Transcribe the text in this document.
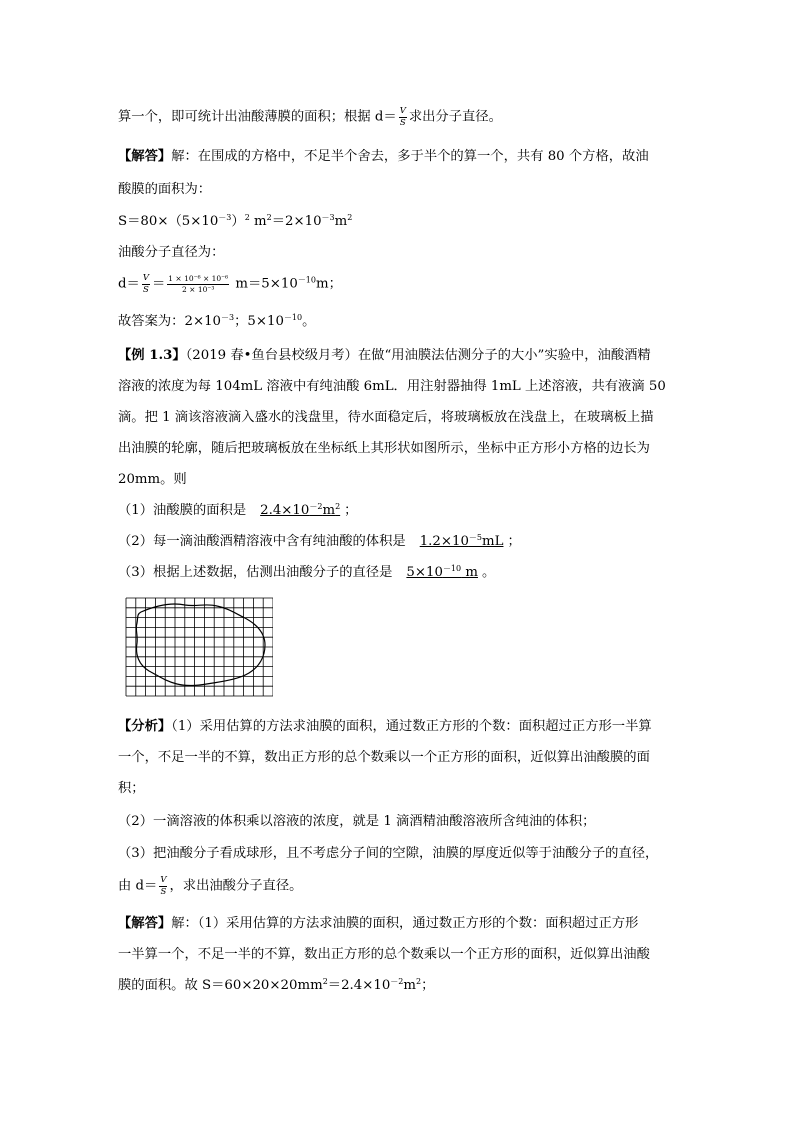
算一个，即可统计出油酸薄膜的面积；根据 $d= \frac{V}{S}$ 求出分子直径。
【解答】解：在围成的方格中，不足半个舍去，多于半个的算一个，共有 80 个方格，故油
酸膜的面积为：
$S=80\times(5\times 10^{-3})^2$ $m^2=2\times 10^{-3}m^2$
油酸分子直径为：
$d= \frac{V}{S} = \frac{\text{1 × 10⁻⁶ × 10⁻⁶}}{\text{2 × 10⁻³}} m=5\times 10^{-10}m$；
故答案为：$2\times 10^{-3}$；$5\times 10^{-10}$。
【例 1.3】（2019 春•鱼台县校级月考）在做“用油膜法估测分子的大小”实验中，油酸酒精
溶液的浓度为每 104mL 溶液中有纯油酸 6mL．用注射器抽得 1mL 上述溶液，共有液滴 50
滴。把 1 滴该溶液滴入盛水的浅盘里，待水面稳定后，将玻璃板放在浅盘上，在玻璃板上描
出油膜的轮廓，随后把玻璃板放在坐标纸上其形状如图所示，坐标中正方形小方格的边长为
20mm。则
（1）油酸膜的面积是 $2.4\times 10^{-2}m^2$ ；
（2）每一滴油酸酒精溶液中含有纯油酸的体积是 $1.2\times 10^{-5}mL$ ；
（3）根据上述数据，估测出油酸分子的直径是 $5\times 10^{-10}$ m 。
【分析】（1）采用估算的方法求油膜的面积，通过数正方形的个数：面积超过正方形一半算
一个，不足一半的不算，数出正方形的总个数乘以一个正方形的面积，近似算出油酸膜的面
积；
（2）一滴溶液的体积乘以溶液的浓度，就是 1 滴酒精油酸溶液所含纯油的体积；
（3）把油酸分子看成球形，且不考虑分子间的空隙，油膜的厚度近似等于油酸分子的直径，
由 $d= \frac{V}{S}$ ，求出油酸分子直径。
【解答】解：（1）采用估算的方法求油膜的面积，通过数正方形的个数：面积超过正方形
一半算一个，不足一半的不算，数出正方形的总个数乘以一个正方形的面积，近似算出油酸
膜的面积。故 $S=60\times 20\times 20mm^2=2.4\times 10^{-2}m^2$；
